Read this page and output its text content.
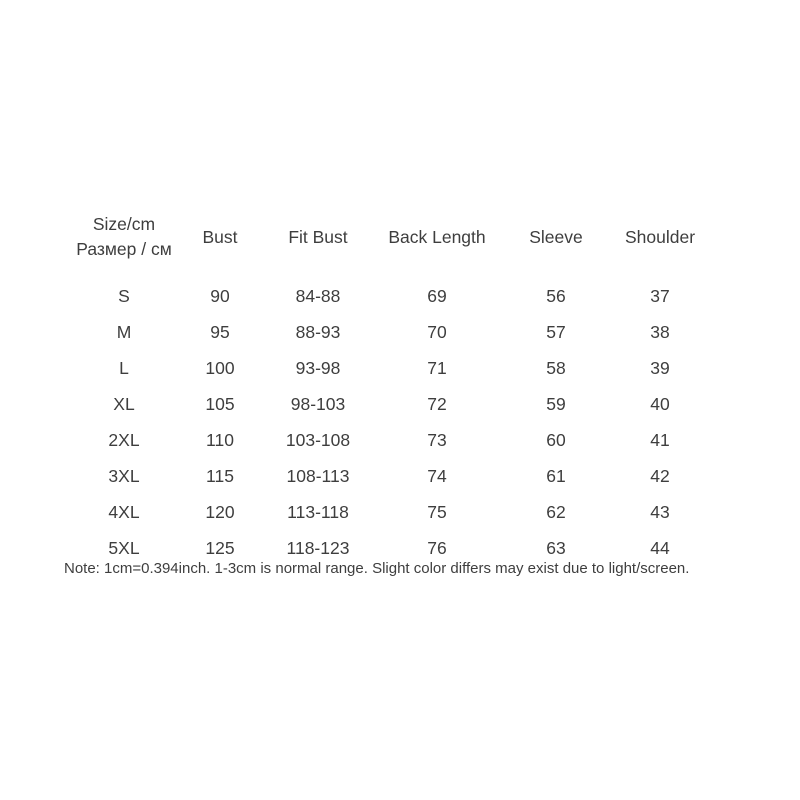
Size/cm
Размер / см	Bust	Fit Bust	Back Length	Sleeve	Shoulder
S	90	84-88	69	56	37
M	95	88-93	70	57	38
L	100	93-98	71	58	39
XL	105	98-103	72	59	40
2XL	110	103-108	73	60	41
3XL	115	108-113	74	61	42
4XL	120	113-118	75	62	43
5XL	125	118-123	76	63	44
Note: 1cm=0.394inch. 1-3cm is normal range. Slight color differs may exist due to light/screen.
